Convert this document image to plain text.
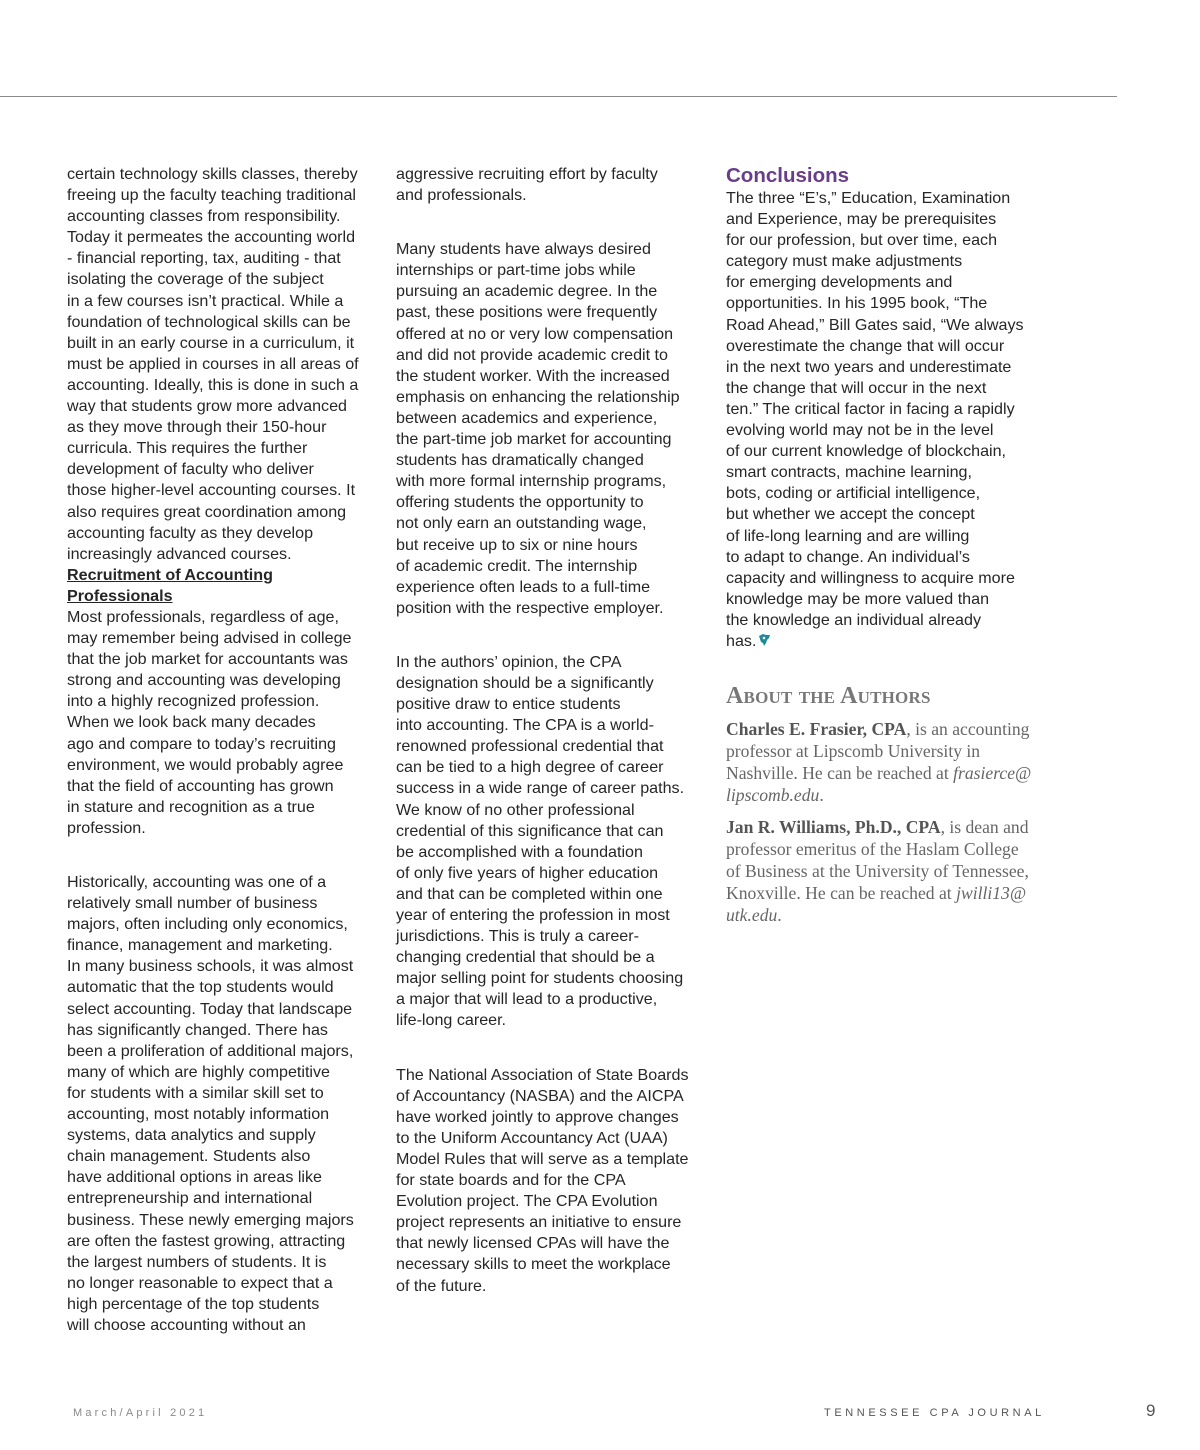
certain technology skills classes, thereby
freeing up the faculty teaching traditional
accounting classes from responsibility.
Today it permeates the accounting world
- financial reporting, tax, auditing - that
isolating the coverage of the subject
in a few courses isn’t practical. While a
foundation of technological skills can be
built in an early course in a curriculum, it
must be applied in courses in all areas of
accounting. Ideally, this is done in such a
way that students grow more advanced
as they move through their 150-hour
curricula. This requires the further
development of faculty who deliver
those higher-level accounting courses. It
also requires great coordination among
accounting faculty as they develop
increasingly advanced courses.

Recruitment of Accounting
Professionals

Most professionals, regardless of age,
may remember being advised in college
that the job market for accountants was
strong and accounting was developing
into a highly recognized profession.
When we look back many decades
ago and compare to today’s recruiting
environment, we would probably agree
that the field of accounting has grown
in stature and recognition as a true
profession.

Historically, accounting was one of a
relatively small number of business
majors, often including only economics,
finance, management and marketing.
In many business schools, it was almost
automatic that the top students would
select accounting. Today that landscape
has significantly changed. There has
been a proliferation of additional majors,
many of which are highly competitive
for students with a similar skill set to
accounting, most notably information
systems, data analytics and supply
chain management. Students also
have additional options in areas like
entrepreneurship and international
business. These newly emerging majors
are often the fastest growing, attracting
the largest numbers of students. It is
no longer reasonable to expect that a
high percentage of the top students
will choose accounting without an

aggressive recruiting effort by faculty
and professionals.

Many students have always desired
internships or part-time jobs while
pursuing an academic degree. In the
past, these positions were frequently
offered at no or very low compensation
and did not provide academic credit to
the student worker. With the increased
emphasis on enhancing the relationship
between academics and experience,
the part-time job market for accounting
students has dramatically changed
with more formal internship programs,
offering students the opportunity to
not only earn an outstanding wage,
but receive up to six or nine hours
of academic credit. The internship
experience often leads to a full-time
position with the respective employer.

In the authors’ opinion, the CPA
designation should be a significantly
positive draw to entice students
into accounting. The CPA is a world-
renowned professional credential that
can be tied to a high degree of career
success in a wide range of career paths.
We know of no other professional
credential of this significance that can
be accomplished with a foundation
of only five years of higher education
and that can be completed within one
year of entering the profession in most
jurisdictions. This is truly a career-
changing credential that should be a
major selling point for students choosing
a major that will lead to a productive,
life-long career.

The National Association of State Boards
of Accountancy (NASBA) and the AICPA
have worked jointly to approve changes
to the Uniform Accountancy Act (UAA)
Model Rules that will serve as a template
for state boards and for the CPA
Evolution project. The CPA Evolution
project represents an initiative to ensure
that newly licensed CPAs will have the
necessary skills to meet the workplace
of the future.

Conclusions

The three “E’s,” Education, Examination
and Experience, may be prerequisites
for our profession, but over time, each
category must make adjustments
for emerging developments and
opportunities. In his 1995 book, “The
Road Ahead,” Bill Gates said, “We always
overestimate the change that will occur
in the next two years and underestimate
the change that will occur in the next
ten.” The critical factor in facing a rapidly
evolving world may not be in the level
of our current knowledge of blockchain,
smart contracts, machine learning,
bots, coding or artificial intelligence,
but whether we accept the concept
of life-long learning and are willing
to adapt to change. An individual’s
capacity and willingness to acquire more
knowledge may be more valued than
the knowledge an individual already
has.

About the Authors

Charles E. Frasier, CPA, is an accounting
professor at Lipscomb University in
Nashville. He can be reached at frasierce@
lipscomb.edu.

Jan R. Williams, Ph.D., CPA, is dean and
professor emeritus of the Haslam College
of Business at the University of Tennessee,
Knoxville. He can be reached at jwilli13@
utk.edu.

March/April 2021	TENNESSEE CPA JOURNAL	9
